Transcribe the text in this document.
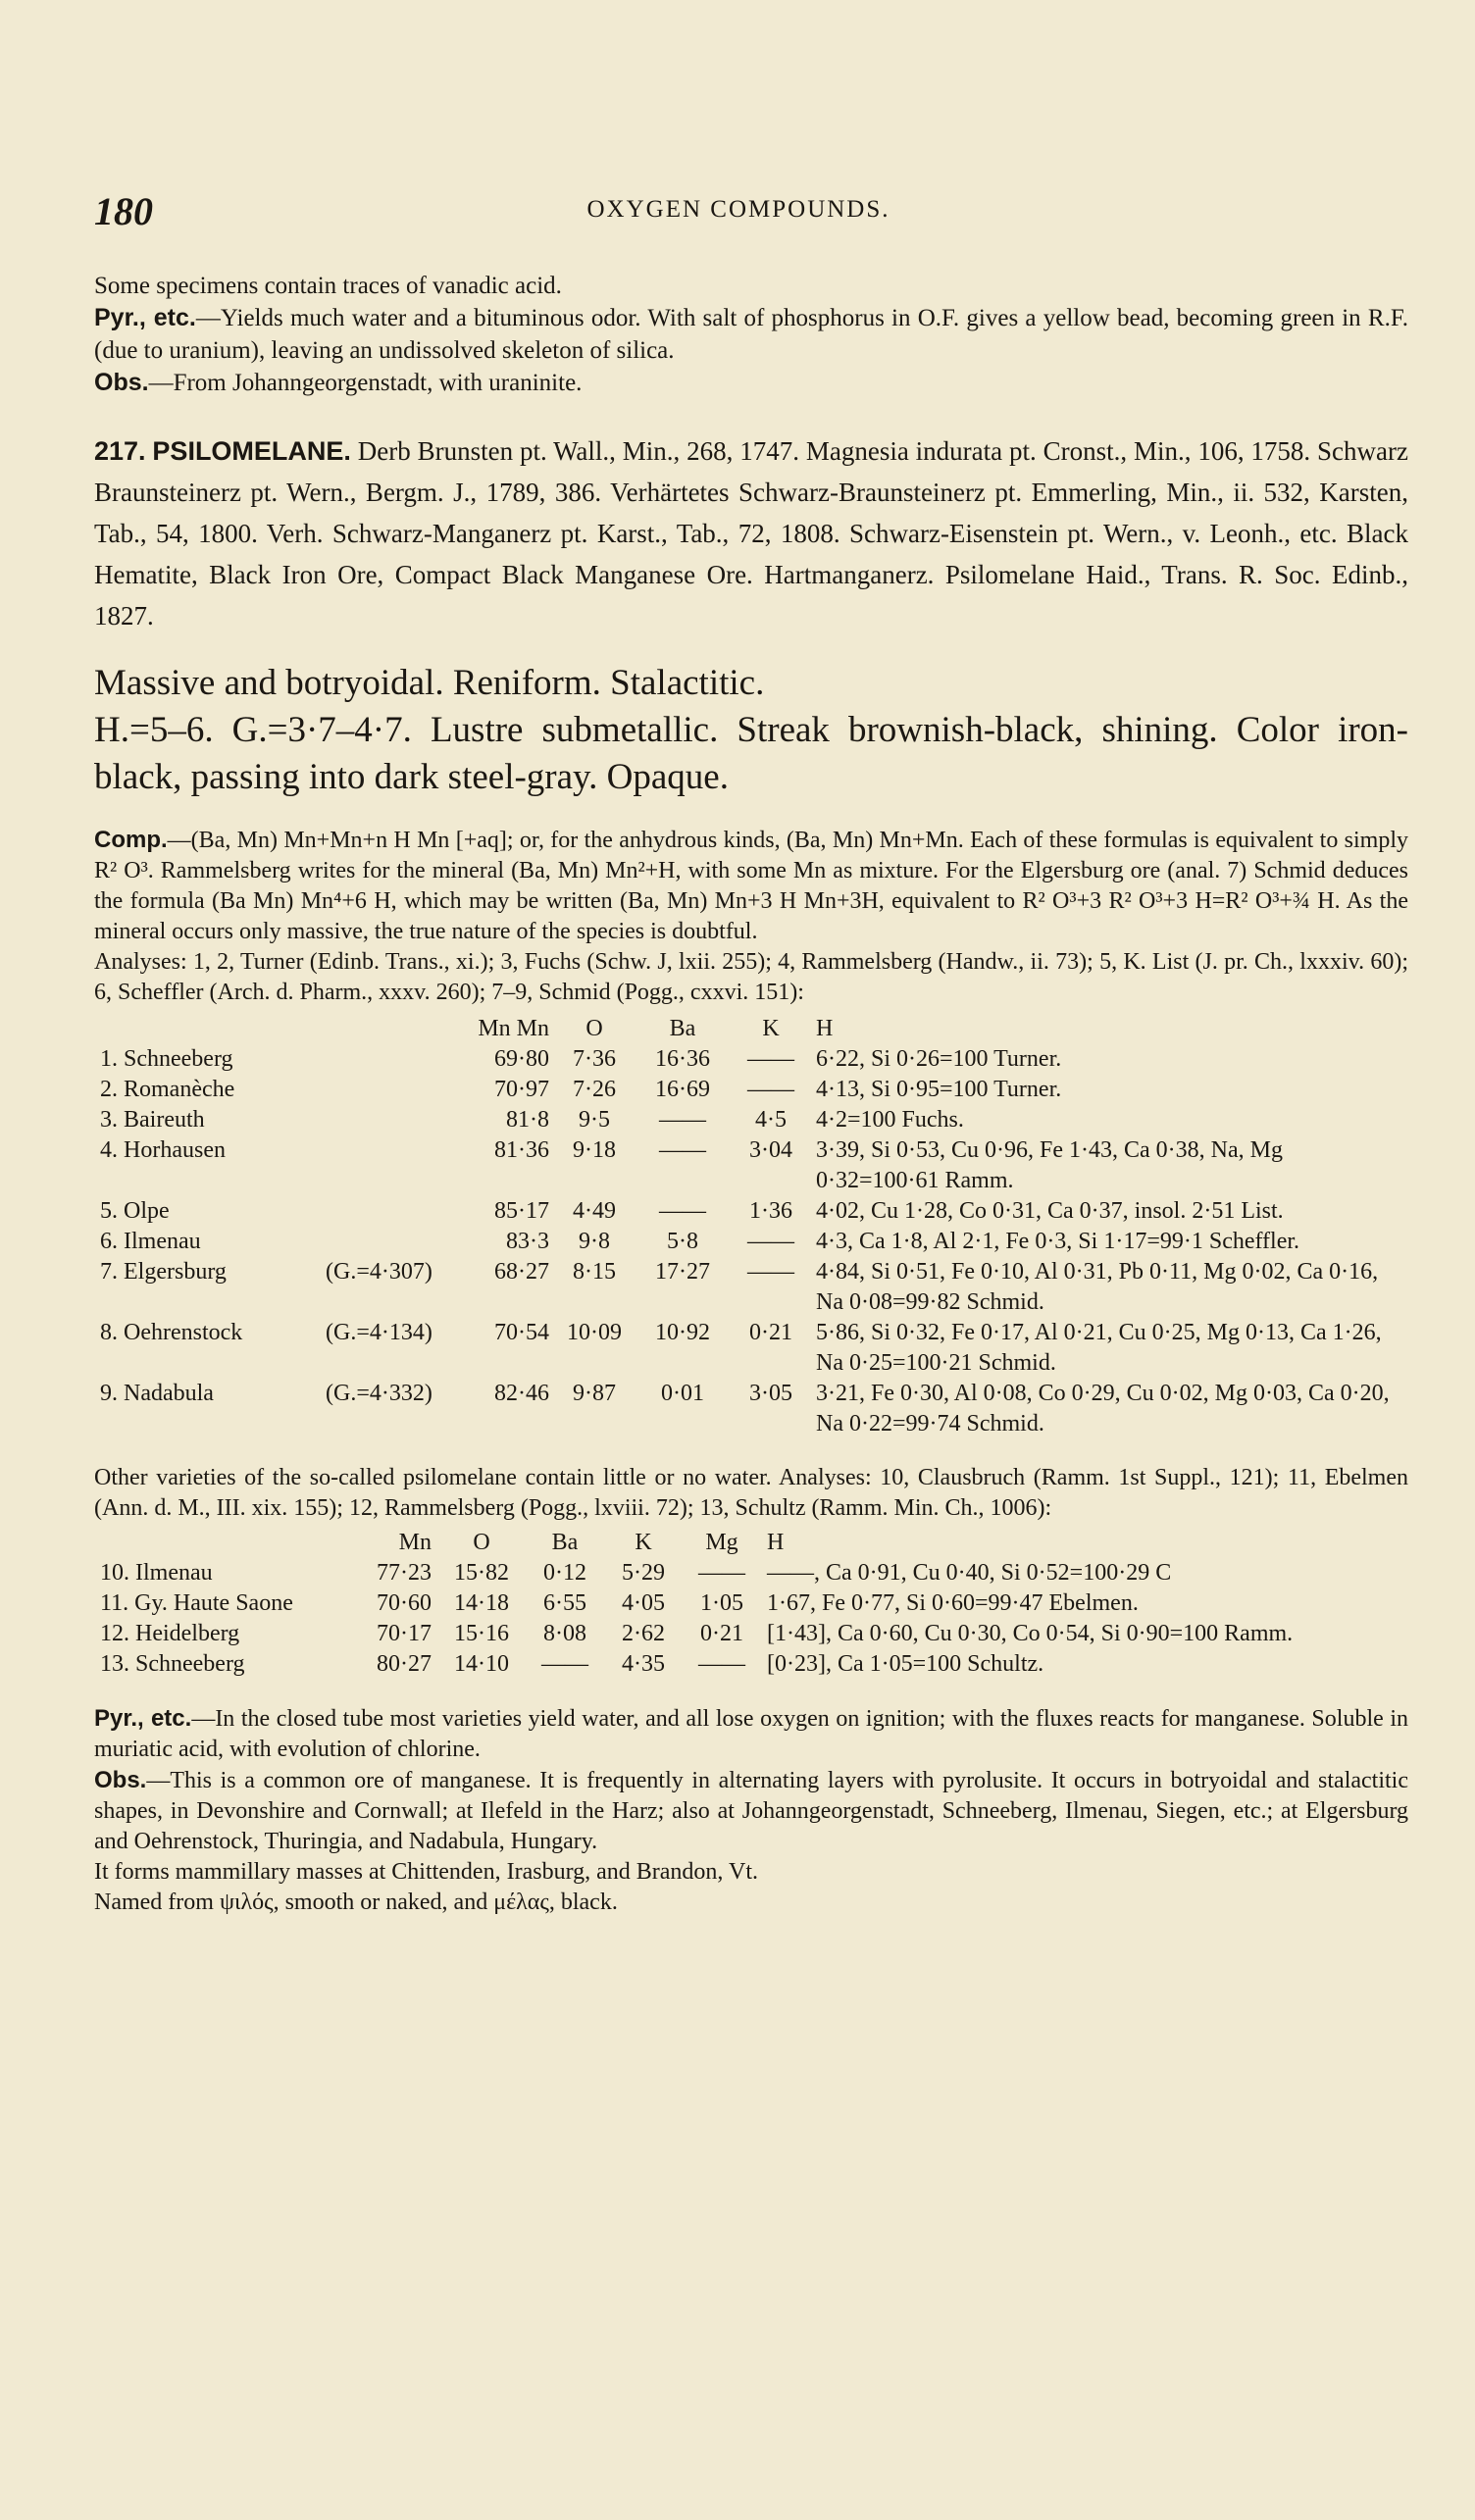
180	OXYGEN COMPOUNDS.

Some specimens contain traces of vanadic acid.

Pyr., etc.—Yields much water and a bituminous odor. With salt of phosphorus in O.F. gives a yellow bead, becoming green in R.F. (due to uranium), leaving an undissolved skeleton of silica.

Obs.—From Johanngeorgenstadt, with uraninite.

217. PSILOMELANE. Derb Brunsten pt. Wall., Min., 268, 1747. Magnesia indurata pt. Cronst., Min., 106, 1758. Schwarz Braunsteinerz pt. Wern., Bergm. J., 1789, 386. Verhärtetes Schwarz-Braunsteinerz pt. Emmerling, Min., ii. 532, Karsten, Tab., 54, 1800. Verh. Schwarz-Manganerz pt. Karst., Tab., 72, 1808. Schwarz-Eisenstein pt. Wern., v. Leonh., etc. Black Hematite, Black Iron Ore, Compact Black Manganese Ore. Hartmanganerz. Psilomelane Haid., Trans. R. Soc. Edinb., 1827.

Massive and botryoidal. Reniform. Stalactitic.

H.=5–6. G.=3·7–4·7. Lustre submetallic. Streak brownish-black, shining. Color iron-black, passing into dark steel-gray. Opaque.

Comp.—(Ba, Mn) Mn+Mn+n H Mn [+aq]; or, for the anhydrous kinds, (Ba, Mn) Mn+Mn. Each of these formulas is equivalent to simply R² O³. Rammelsberg writes for the mineral (Ba, Mn) Mn²+H, with some Mn as mixture. For the Elgersburg ore (anal. 7) Schmid deduces the formula (Ba Mn) Mn⁴+6 H, which may be written (Ba, Mn) Mn+3 H Mn+3H, equivalent to R² O³+3 R² O³+3 H=R² O³+¾ H. As the mineral occurs only massive, the true nature of the species is doubtful.

Analyses: 1, 2, Turner (Edinb. Trans., xi.); 3, Fuchs (Schw. J, lxii. 255); 4, Rammelsberg (Handw., ii. 73); 5, K. List (J. pr. Ch., lxxxiv. 60); 6, Scheffler (Arch. d. Pharm., xxxv. 260); 7–9, Schmid (Pogg., cxxvi. 151):

		Mn Mn	O	Ba	K	H
1. Schneeberg		69·80	7·36	16·36	——	6·22, Si 0·26=100 Turner.
2. Romanèche		70·97	7·26	16·69	——	4·13, Si 0·95=100 Turner.
3. Baireuth		81·8	9·5	——	4·5	4·2=100 Fuchs.
4. Horhausen		81·36	9·18	——	3·04	3·39, Si 0·53, Cu 0·96, Fe 1·43, Ca 0·38, Na, Mg 0·32=100·61 Ramm.
5. Olpe		85·17	4·49	——	1·36	4·02, Cu 1·28, Co 0·31, Ca 0·37, insol. 2·51 List.
6. Ilmenau		83·3	9·8	5·8	——	4·3, Ca 1·8, Al 2·1, Fe 0·3, Si 1·17=99·1 Scheffler.
7. Elgersburg	(G.=4·307)	68·27	8·15	17·27	——	4·84, Si 0·51, Fe 0·10, Al 0·31, Pb 0·11, Mg 0·02, Ca 0·16, Na 0·08=99·82 Schmid.
8. Oehrenstock	(G.=4·134)	70·54	10·09	10·92	0·21	5·86, Si 0·32, Fe 0·17, Al 0·21, Cu 0·25, Mg 0·13, Ca 1·26, Na 0·25=100·21 Schmid.
9. Nadabula	(G.=4·332)	82·46	9·87	0·01	3·05	3·21, Fe 0·30, Al 0·08, Co 0·29, Cu 0·02, Mg 0·03, Ca 0·20, Na 0·22=99·74 Schmid.

Other varieties of the so-called psilomelane contain little or no water. Analyses: 10, Clausbruch (Ramm. 1st Suppl., 121); 11, Ebelmen (Ann. d. M., III. xix. 155); 12, Rammelsberg (Pogg., lxviii. 72); 13, Schultz (Ramm. Min. Ch., 1006):

	Mn	O	Ba	K	Mg	H
10. Ilmenau	77·23	15·82	0·12	5·29	——	——, Ca 0·91, Cu 0·40, Si 0·52=100·29 C
11. Gy. Haute Saone	70·60	14·18	6·55	4·05	1·05	1·67, Fe 0·77, Si 0·60=99·47 Ebelmen.
12. Heidelberg	70·17	15·16	8·08	2·62	0·21	[1·43], Ca 0·60, Cu 0·30, Co 0·54, Si 0·90=100 Ramm.
13. Schneeberg	80·27	14·10	——	4·35	——	[0·23], Ca 1·05=100 Schultz.

Pyr., etc.—In the closed tube most varieties yield water, and all lose oxygen on ignition; with the fluxes reacts for manganese. Soluble in muriatic acid, with evolution of chlorine.

Obs.—This is a common ore of manganese. It is frequently in alternating layers with pyrolusite. It occurs in botryoidal and stalactitic shapes, in Devonshire and Cornwall; at Ilefeld in the Harz; also at Johanngeorgenstadt, Schneeberg, Ilmenau, Siegen, etc.; at Elgersburg and Oehrenstock, Thuringia, and Nadabula, Hungary.

It forms mammillary masses at Chittenden, Irasburg, and Brandon, Vt.

Named from ψιλός, smooth or naked, and μέλας, black.
